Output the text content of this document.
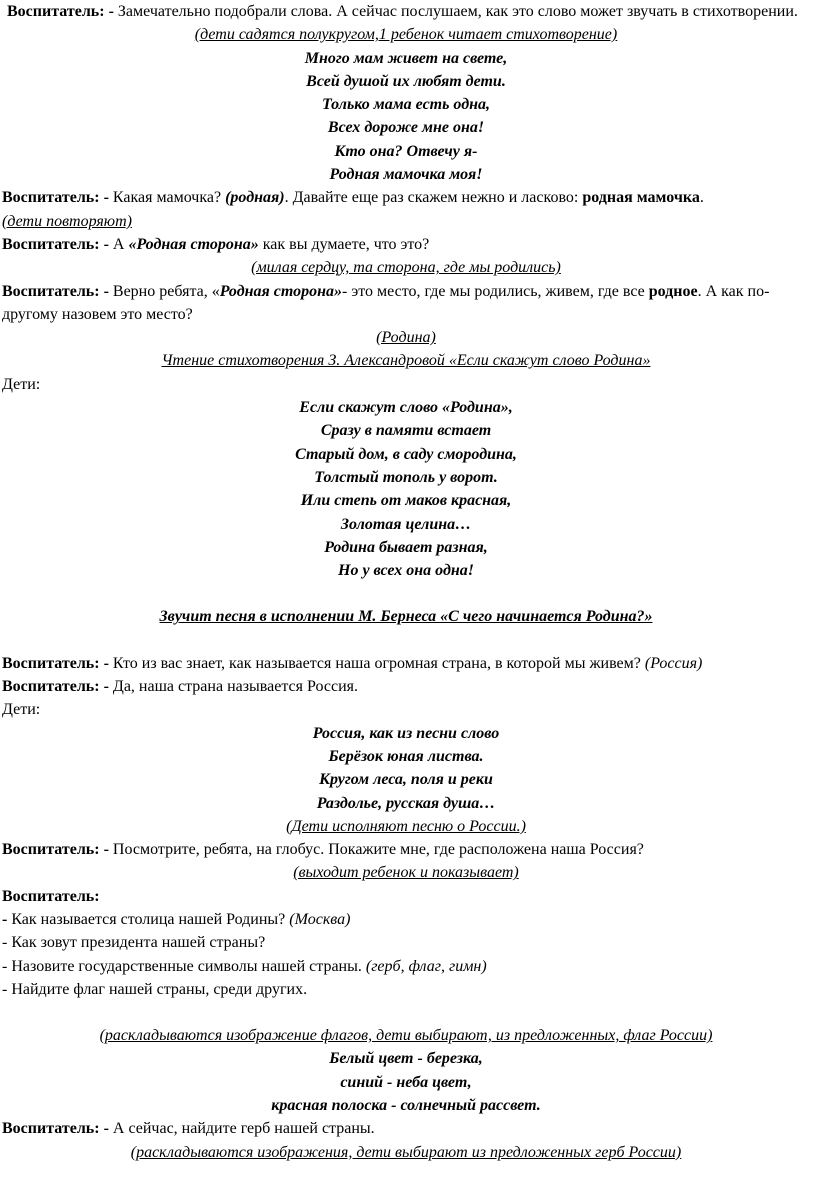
Воспитатель: - Замечательно подобрали слова. А сейчас послушаем, как это слово может звучать в стихотворении.

(дети садятся полукругом,1 ребенок читает стихотворение)

Много мам живет на свете,

Всей душой их любят дети.

Только мама есть одна,

Всех дороже мне она!

Кто она? Отвечу я-

Родная мамочка моя!

Воспитатель: - Какая мамочка? (родная). Давайте еще раз скажем нежно и ласково: родная мамочка.

(дети повторяют)

Воспитатель: - А «Родная сторона» как вы думаете, что это?

(милая сердцу, та сторона, где мы родились)

Воспитатель: - Верно ребята, «Родная сторона»- это место, где мы родились, живем, где все родное. А как по-другому назовем это место?

(Родина)

Чтение стихотворения З. Александровой «Если скажут слово Родина»

Дети:

Если скажут слово «Родина»,

Сразу в памяти встает

Старый дом, в саду смородина,

Толстый тополь у ворот.

Или степь от маков красная,

Золотая целина…

Родина бывает разная,

Но у всех она одна!

Звучит песня в исполнении М. Бернеса «С чего начинается Родина?»

Воспитатель: - Кто из вас знает, как называется наша огромная страна, в которой мы живем? (Россия)

Воспитатель: - Да, наша страна называется Россия.

Дети:

Россия, как из песни слово

Берёзок юная листва.

Кругом леса, поля и реки

Раздолье, русская душа…

(Дети исполняют песню о России.)

Воспитатель: - Посмотрите, ребята, на глобус. Покажите мне, где расположена наша Россия?

(выходит ребенок и показывает)

Воспитатель:

- Как называется столица нашей Родины? (Москва)

- Как зовут президента нашей страны?

- Назовите государственные символы нашей страны. (герб, флаг, гимн)

- Найдите флаг нашей страны, среди других.

(раскладываются изображение флагов, дети выбирают, из предложенных, флаг России)

Белый цвет - березка,

синий - неба цвет,

красная полоска - солнечный рассвет.

Воспитатель: - А сейчас, найдите герб нашей страны.

(раскладываются изображения, дети выбирают из предложенных герб России)
